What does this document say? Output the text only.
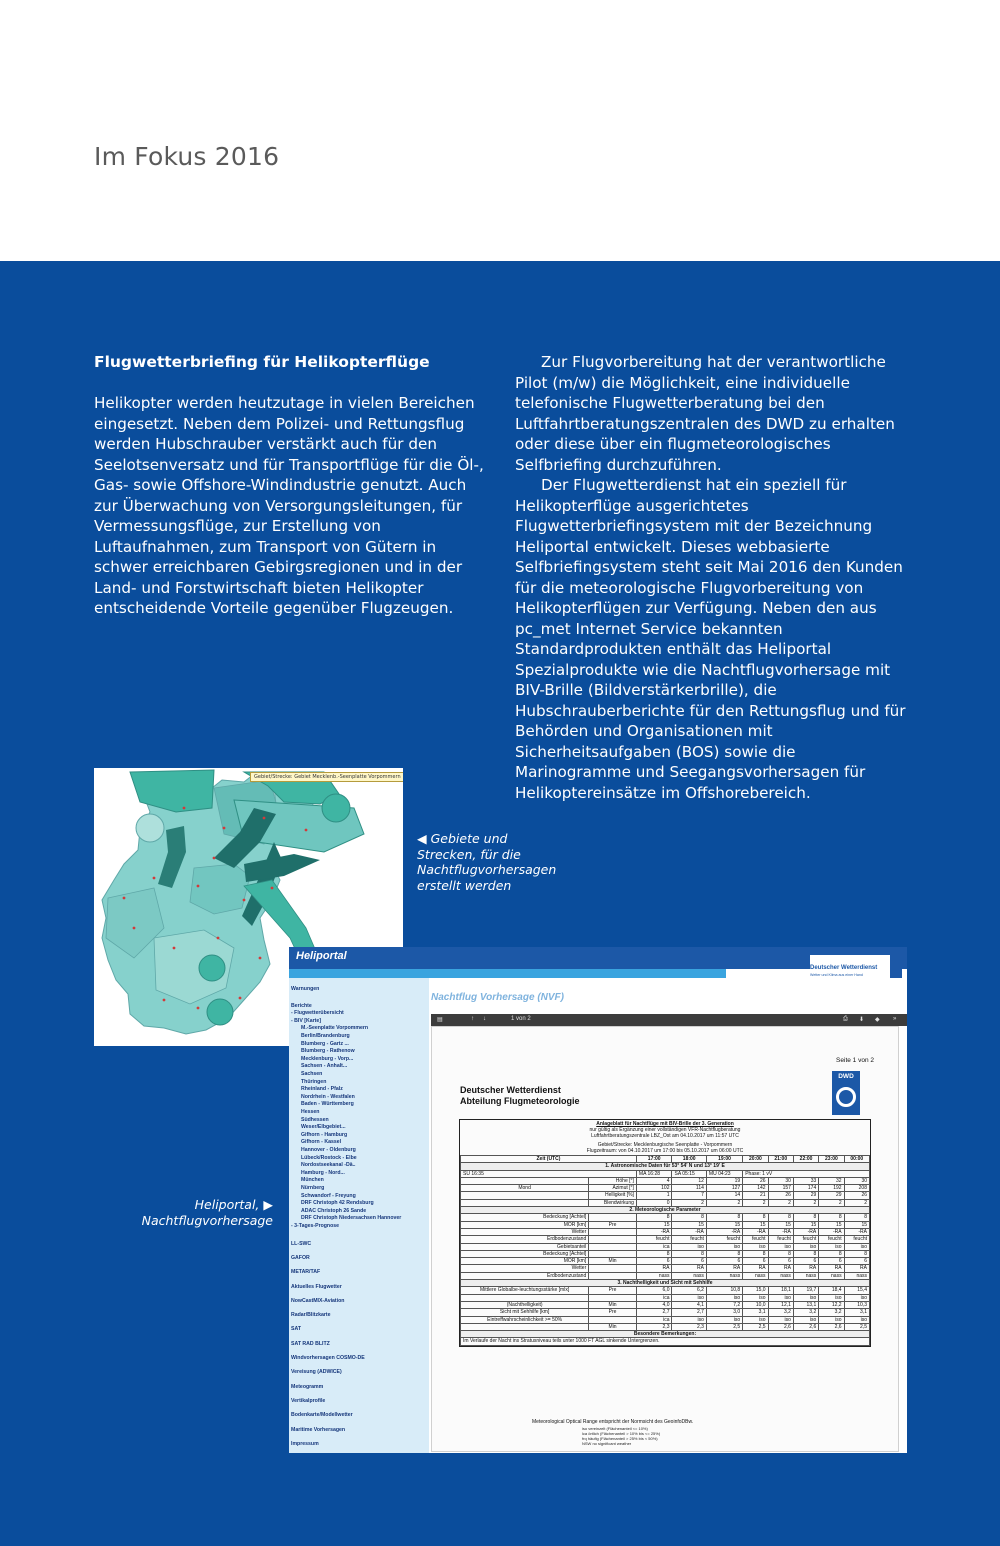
Im Fokus 2016
Flugwetterbriefing für Helikopterflüge

Helikopter werden heutzutage in vielen Bereichen eingesetzt. Neben dem Polizei- und Rettungsflug werden Hubschrauber verstärkt auch für den Seelotsenversatz und für Transportflüge für die Öl-, Gas- sowie Offshore-Windindustrie genutzt. Auch zur Überwachung von Versorgungsleitungen, für Vermessungsflüge, zur Erstellung von Luftaufnahmen, zum Transport von Gütern in schwer erreichbaren Gebirgsregionen und in der Land- und Forstwirtschaft bieten Helikopter entscheidende Vorteile gegenüber Flugzeugen.

Zur Flugvorbereitung hat der verantwortliche Pilot (m/w) die Möglichkeit, eine individuelle telefonische Flugwetterberatung bei den Luftfahrtberatungszentralen des DWD zu erhalten oder diese über ein flugmeteorologisches Selfbriefing durchzuführen.

Der Flugwetterdienst hat ein speziell für Helikopterflüge ausgerichtetes Flugwetterbriefingsystem mit der Bezeichnung Heliportal entwickelt. Dieses webbasierte Selfbriefingsystem steht seit Mai 2016 den Kunden für die meteorologische Flugvorbereitung von Helikopterflügen zur Verfügung. Neben den aus pc_met Internet Service bekannten Standardprodukten enthält das Heliportal Spezialprodukte wie die Nachtflugvorhersage mit BIV-Brille (Bildverstärkerbrille), die Hubschrauberberichte für den Rettungsflug und für Behörden und Organisationen mit Sicherheitsaufgaben (BOS) sowie die Marinogramme und Seegangsvorhersagen für Helikoptereinsätze im Offshorebereich.

Gebiet/Strecke: Gebiet Mecklenb.-Seenplatte Vorpommern
◀ Gebiete und Strecken, für die Nachtflugvorhersagen erstellt werden
Heliportal, ▶ Nachtflugvorhersage
Heliportal
Deutscher Wetterdienst
Wetter und Klima aus einer Hand
Warnungen
Berichte
- Flugwetterübersicht
- BIV [Karte]
M.-Seenplatte Vorpommern
Berlin/Brandenburg
Blumberg - Gartz ...
Blumberg - Rathenow
Mecklenburg - Vorp...
Sachsen - Anhalt...
Sachsen
Thüringen
Rheinland - Pfalz
Nordrhein - Westfalen
Baden - Württemberg
Hessen
Südhessen
Weser/Elbgebiet...
Gifhorn - Hamburg
Gifhorn - Kassel
Hannover - Oldenburg
Lübeck/Rostock - Elbe
Nordostseekanal -Dä..
Hamburg - Nord...
München
Nürnberg
Schwandorf - Freyung
DRF Christoph 42 Rendsburg
ADAC Christoph 26 Sande
DRF Christoph Niedersachsen Hannover
- 3-Tages-Prognose
LL-SWC
GAFOR
METAR/TAF
Aktuelles Flugwetter
NowCastMIX-Aviation
Radar/Blitzkarte
SAT
SAT RAD BLITZ
Windvorhersagen COSMO-DE
Vereisung (ADWICE)
Meteogramm
Vertikalprofile
Bodenkarte/Modellwetter
Maritime Vorhersagen
Impressum
Nachtflug Vorhersage (NVF)
▤	↑ ↓	1 von 2	⎙ ⬇ ◆ »
Seite 1 von 2
Deutscher Wetterdienst
Abteilung Flugmeteorologie
DWD
Anlageblatt für Nachtflüge mit BIV-Brille der 3. Generation
nur gültig als Ergänzung einer vollständigen VFR-Nachtflugberatung
Luftfahrtberatungszentrale LBZ_Ost am 04.10.2017 um 11:57 UTC
Gebiet/Strecke: Mecklenburgische Seenplatte - Vorpommern
Flugzeitraum: von 04.10.2017 um 17:00 bis 05.10.2017 um 06:00 UTC
Zeit (UTC)		17:00	18:00	19:00	20:00	21:00	22:00	23:00	00:00
1. Astronomische Daten für 53° 54' N und 13° 19' E									
SU 16:35		MA 16:28	SA 05:15	MU 04:23	Phase: 1 vV				
	Höhe [°]	4	12	19	26	30	33	32	30
Mond	Azimut [°]	102	114	127	142	157	174	192	208
	Helligkeit [%]	1	7	14	21	26	29	29	26
	Blendwirkung	0	2	2	2	2	2	2	2
2. Meteorologische Parameter									
Bedeckung [Achtel]		8	8	8	8	8	8	8	8
MOR [km]	Pre	15	15	15	15	15	15	15	15
Wetter		-RA	-RA	-RA	-RA	-RA	-RA	-RA	-RA
Erdbodenzustand		feucht	feucht	feucht	feucht	feucht	feucht	feucht	feucht
Gebietsanteil		ica	iso	iso	iso	iso	iso	iso	iso
Bedeckung [Achtel]		8	8	8	8	8	8	8	8
MOR [km]	Min	6	6	6	6	6	6	6	6
Wetter		RA	RA	RA	RA	RA	RA	RA	RA
Erdbodenzustand		nass	nass	nass	nass	nass	nass	nass	nass
3. Nachthelligkeit und Sicht mit Sehhilfe									
Mittlere Globalbe-leuchtungsstärke [mlx]	Pre	6,0	6,2	10,8	15,0	18,1	19,7	18,4	15,4
		ica	iso	iso	iso	iso	iso	iso	iso
(Nachthelligkeit)	Min	4,0	4,1	7,2	10,0	12,1	13,1	12,2	10,3
Sicht mit Sehhilfe [km]	Pre	2,7	2,7	3,0	3,1	3,2	3,2	3,2	3,1
Eintreffwahrscheinlichkeit >= 50%		ica	iso	iso	iso	iso	iso	iso	iso
	Min	2,3	2,3	2,5	2,5	2,6	2,6	2,6	2,5
Besondere Bemerkungen:									
Im Verlaufe der Nacht ins Stratusniveau teils unter 1000 FT AGL sinkende Untergrenzen.									
Meteorological Optical Range entspricht der Normsicht des GeoinfoDBw.
iso vereinzelt (Flächenanteil <= 10%)
lca örtlich (Flächenanteil > 10% bis <= 25%)
frq häufig (Flächenanteil > 25% bis < 50%)
NSW no significant weather
